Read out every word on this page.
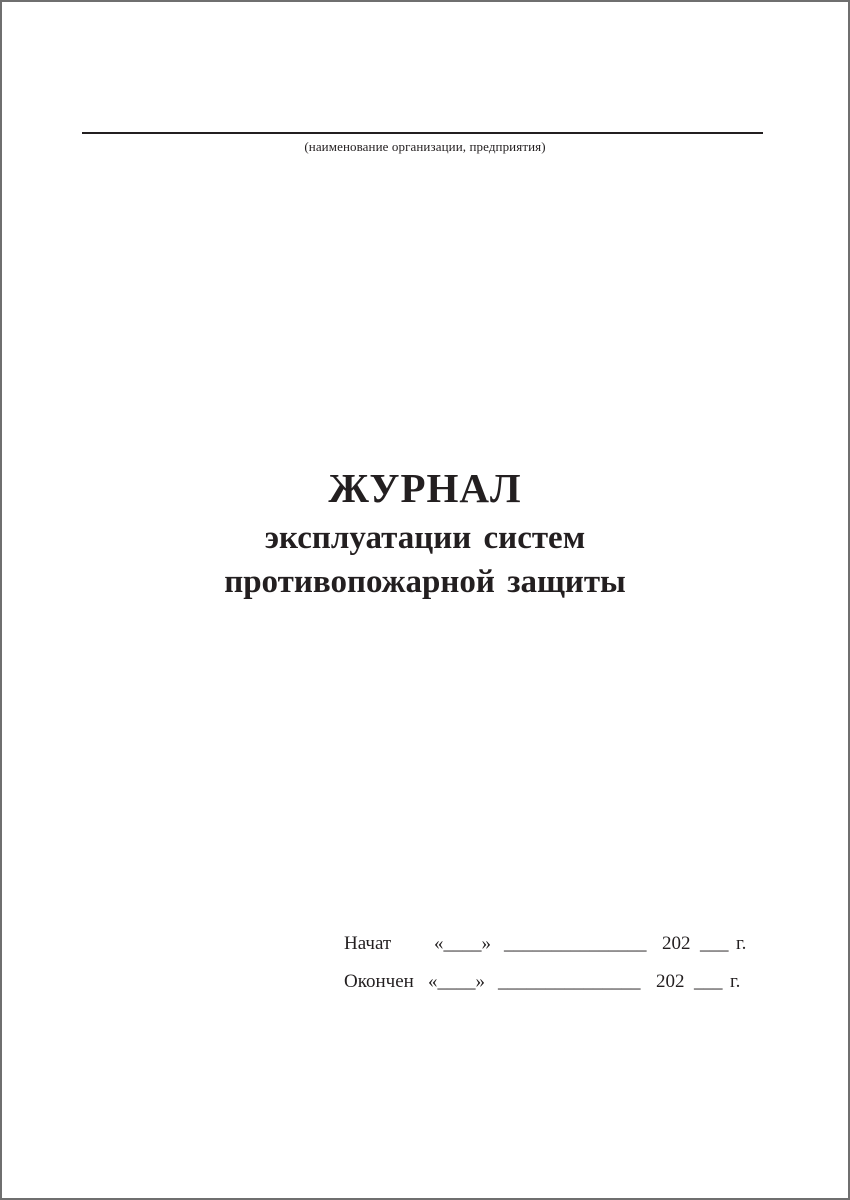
(наименование организации, предприятия)
ЖУРНАЛ
эксплуатации систем
противопожарной защиты
Начат «____» _______________ 202 ___ г.
Окончен «____» _______________ 202 ___ г.
